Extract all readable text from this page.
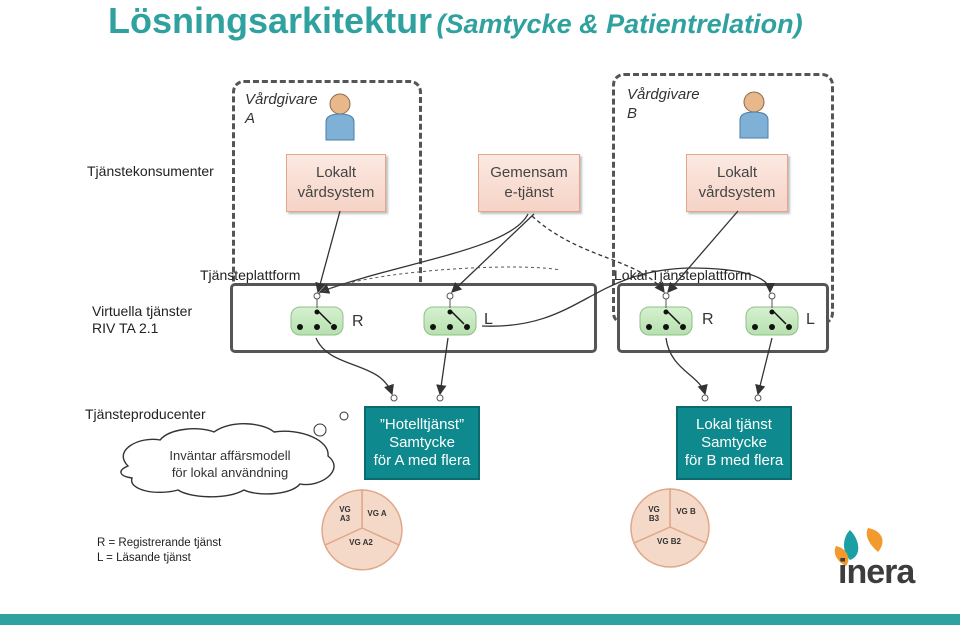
Lösningsarkitektur (Samtycke & Patientrelation)
Tjänstekonsumenter
Virtuella tjänster
RIV TA 2.1
Tjänsteproducenter
Vårdgivare
A
Vårdgivare
B
Lokalt
vårdsystem
Gemensam
e-tjänst
Lokalt
vårdsystem
Tjänsteplattform	Lokal Tjänsteplattform
R	L	R	L
”Hotelltjänst”
Samtycke
för A med flera
Lokal tjänst
Samtycke
för B med flera
Inväntar affärsmodell
för lokal användning
VG
A3
VG A
VG A2
VG
B3
VG B
VG B2
R = Registrerande tjänst
L = Läsande tjänst	inera
